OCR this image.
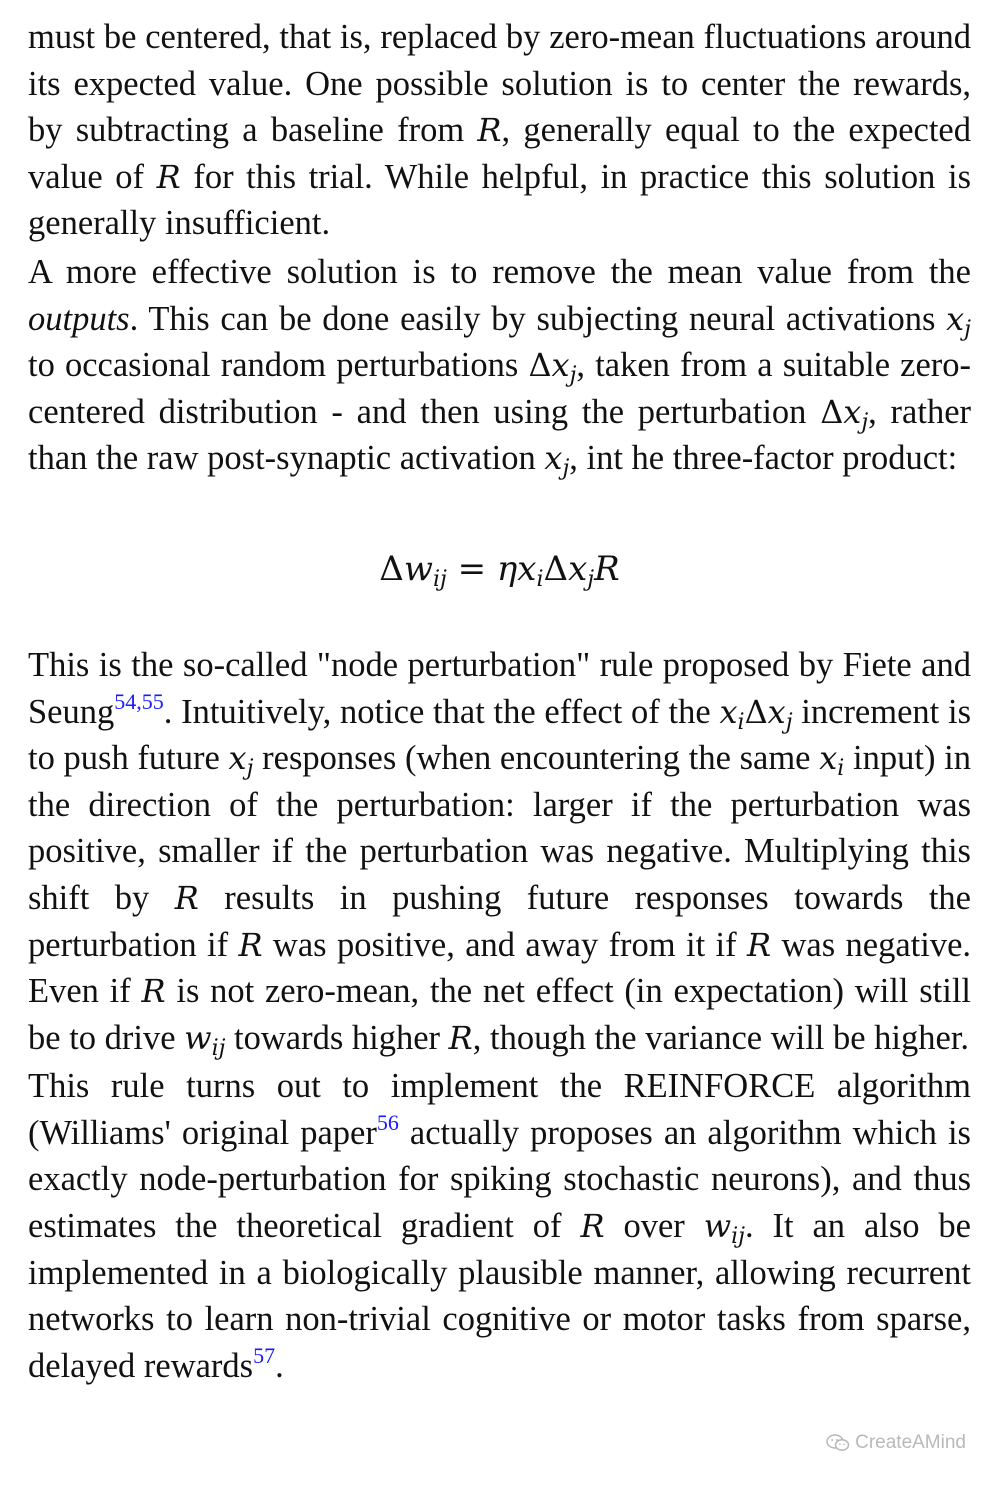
must be centered, that is, replaced by zero-mean fluctuations around its expected value. One possible solution is to center the rewards, by subtracting a baseline from R, generally equal to the expected value of R for this trial. While helpful, in practice this solution is generally insufficient.

A more effective solution is to remove the mean value from the outputs. This can be done easily by subjecting neural activations $x_j$ to occasional random perturbations $\Delta x_j$, taken from a suitable zero-centered distribution - and then using the perturbation $\Delta x_j$, rather than the raw post-synaptic activation $x_j$, int he three-factor product:

$\Delta w_{ij} = \eta x_i\Delta x_jR$

This is the so-called "node perturbation" rule proposed by Fiete and Seung$^{54,55}$. Intuitively, notice that the effect of the $x_i\Delta x_j$ increment is to push future $x_j$ responses (when encountering the same $x_i$ input) in the direction of the perturbation: larger if the perturbation was positive, smaller if the perturbation was negative. Multiplying this shift by R results in pushing future responses towards the perturbation if R was positive, and away from it if R was negative. Even if R is not zero-mean, the net effect (in expectation) will still be to drive $w_{ij}$ towards higher R, though the variance will be higher.

This rule turns out to implement the REINFORCE algorithm (Williams' original paper$^{56}$ actually proposes an algorithm which is exactly node-perturbation for spiking stochastic neurons), and thus estimates the theoretical gradient of R over $w_{ij}$. It an also be implemented in a biologically plausible manner, allowing recurrent networks to learn non-trivial cognitive or motor tasks from sparse, delayed rewards$^{57}$.

CreateAMind
